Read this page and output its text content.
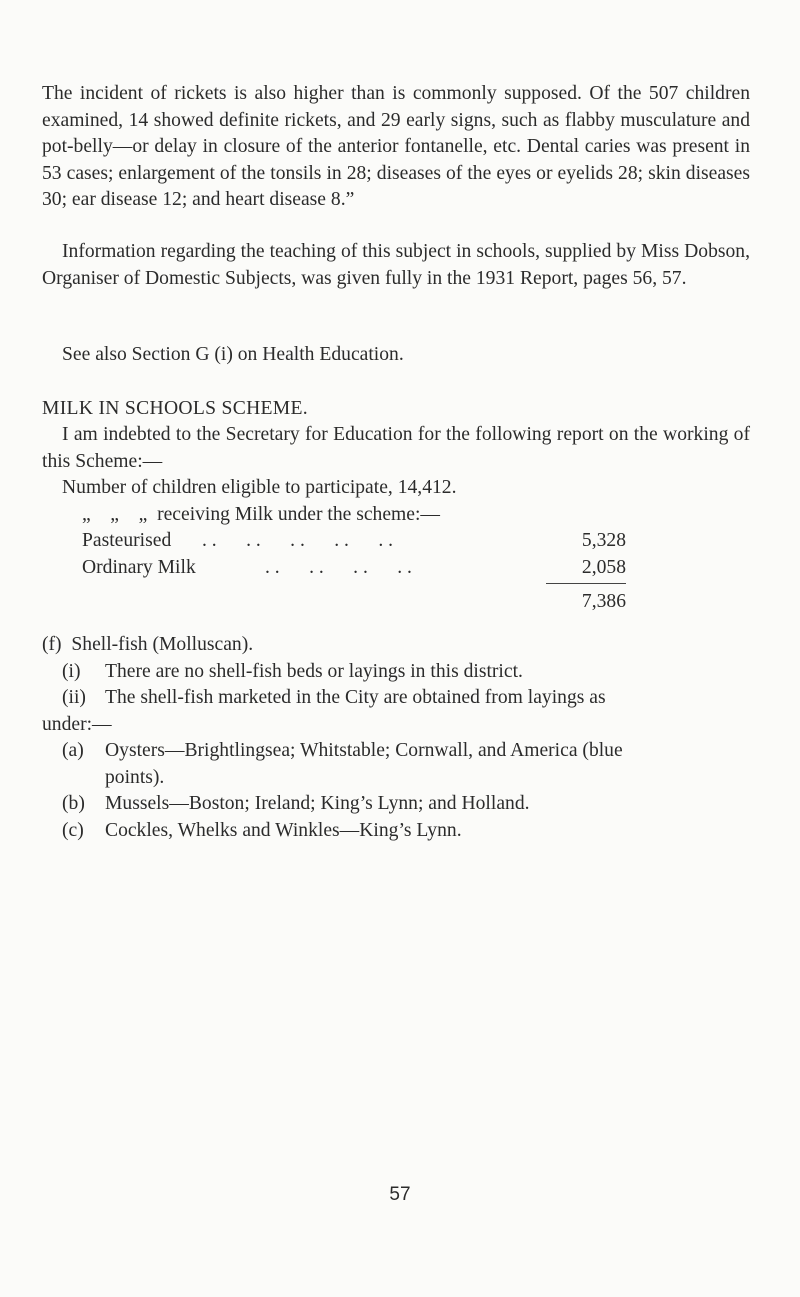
The incident of rickets is also higher than is commonly supposed. Of the 507 children examined, 14 showed definite rickets, and 29 early signs, such as flabby musculature and pot-belly—or delay in closure of the anterior fontanelle, etc. Dental caries was present in 53 cases; enlargement of the tonsils in 28; diseases of the eyes or eyelids 28; skin diseases 30; ear disease 12; and heart disease 8.”

Information regarding the teaching of this subject in schools, supplied by Miss Dobson, Organiser of Domestic Subjects, was given fully in the 1931 Report, pages 56, 57.

See also Section G (i) on Health Education.

MILK IN SCHOOLS SCHEME.

I am indebted to the Secretary for Education for the following report on the working of this Scheme:—

Number of children eligible to participate, 14,412.

„    „    „  receiving Milk under the scheme:—

Pasteurised . .      . .      . .      . .      . .	5,328
Ordinary Milk	. .      . .      . .      . .	2,058

7,386

(f)  Shell-fish (Molluscan).

(i) There are no shell-fish beds or layings in this district.

(ii) The shell-fish marketed in the City are obtained from layings as

under:—

(a) Oysters—Brightlingsea; Whitstable; Cornwall, and America (blue

points).

(b) Mussels—Boston; Ireland; King’s Lynn; and Holland.

(c) Cockles, Whelks and Winkles—King’s Lynn.

57
